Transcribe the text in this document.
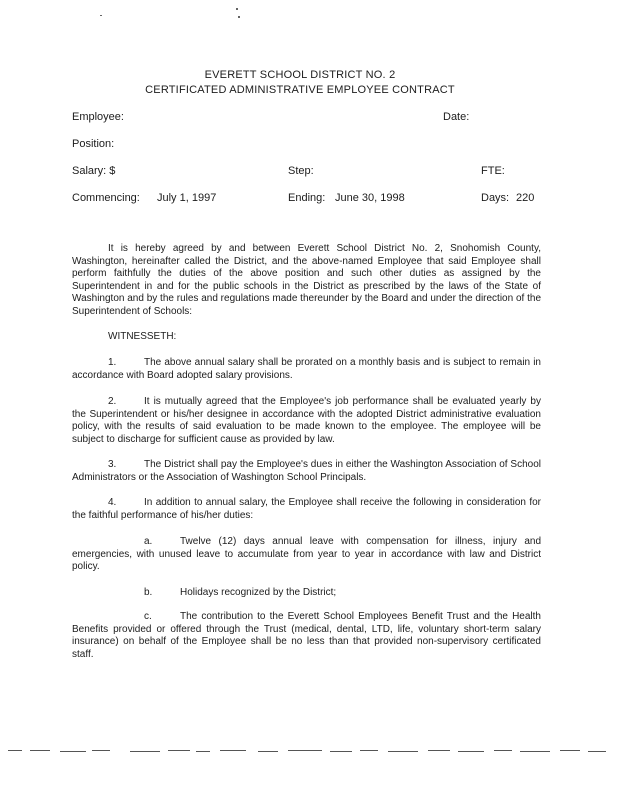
EVERETT SCHOOL DISTRICT NO. 2
CERTIFICATED ADMINISTRATIVE EMPLOYEE CONTRACT
Employee:	Date:
Position:
Salary: $	Step:	FTE:
Commencing: July 1, 1997	Ending: June 30, 1998	Days: 220
It is hereby agreed by and between Everett School District No. 2, Snohomish County, Washington, hereinafter called the District, and the above-named Employee that said Employee shall perform faithfully the duties of the above position and such other duties as assigned by the Superintendent in and for the public schools in the District as prescribed by the laws of the State of Washington and by the rules and regulations made thereunder by the Board and under the direction of the Superintendent of Schools:
WITNESSETH:
1.	The above annual salary shall be prorated on a monthly basis and is subject to remain in accordance with Board adopted salary provisions.
2.	It is mutually agreed that the Employee's job performance shall be evaluated yearly by the Superintendent or his/her designee in accordance with the adopted District administrative evaluation policy, with the results of said evaluation to be made known to the employee. The employee will be subject to discharge for sufficient cause as provided by law.
3.	The District shall pay the Employee's dues in either the Washington Association of School Administrators or the Association of Washington School Principals.
4.	In addition to annual salary, the Employee shall receive the following in consideration for the faithful performance of his/her duties:
a.	Twelve (12) days annual leave with compensation for illness, injury and emergencies, with unused leave to accumulate from year to year in accordance with law and District policy.
b.	Holidays recognized by the District;
c.	The contribution to the Everett School Employees Benefit Trust and the Health Benefits provided or offered through the Trust (medical, dental, LTD, life, voluntary short-term salary insurance) on behalf of the Employee shall be no less than that provided non-supervisory certificated staff.
